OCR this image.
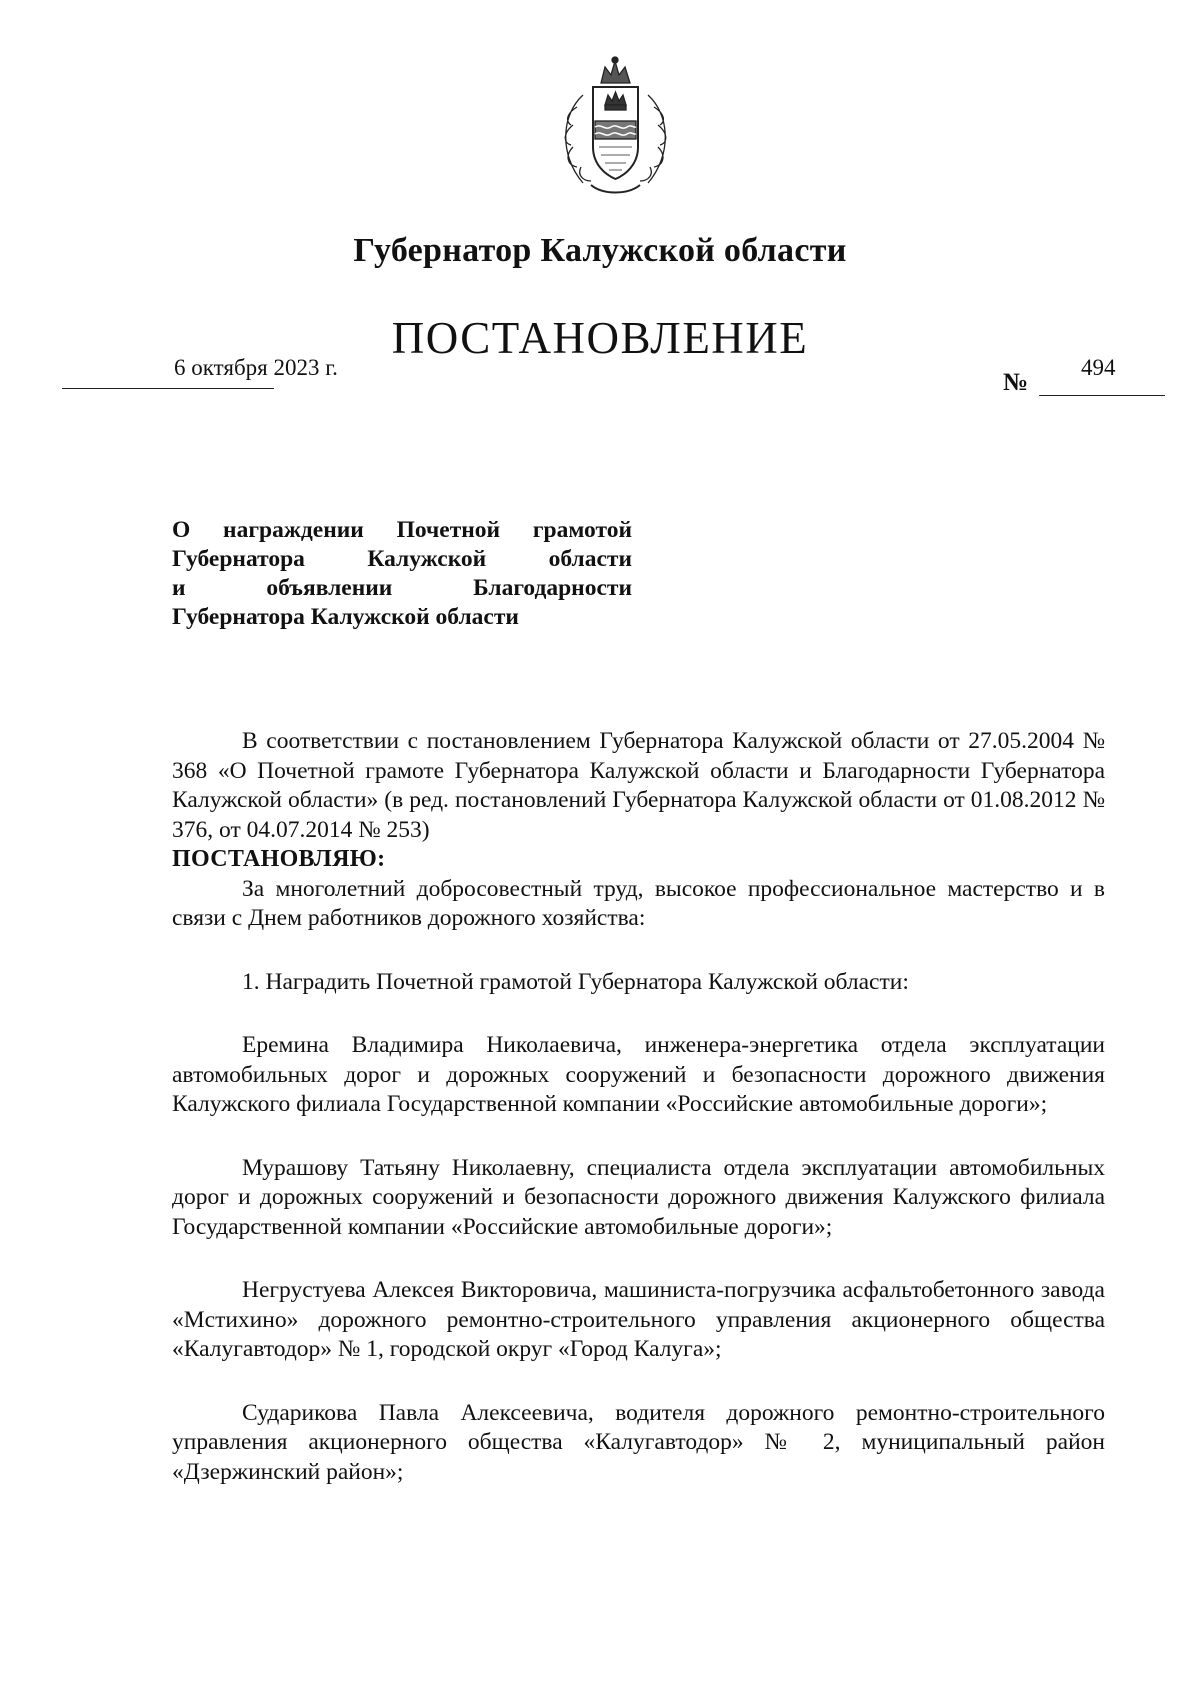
Губернатор Калужской области
ПОСТАНОВЛЕНИЕ
6 октября 2023 г.
№
494
О награждении Почетной грамотой
Губернатора Калужской области
и объявлении Благодарности
Губернатора Калужской области

В соответствии с постановлением Губернатора Калужской области от 27.05.2004 № 368 «О Почетной грамоте Губернатора Калужской области и Благодарности Губернатора Калужской области» (в ред. постановлений Губернатора Калужской области от 01.08.2012 № 376, от 04.07.2014 № 253)

ПОСТАНОВЛЯЮ:

За многолетний добросовестный труд, высокое профессиональное мастерство и в связи с Днем работников дорожного хозяйства:

1. Наградить Почетной грамотой Губернатора Калужской области:

Еремина Владимира Николаевича, инженера-энергетика отдела эксплуатации автомобильных дорог и дорожных сооружений и безопасности дорожного движения Калужского филиала Государственной компании «Российские автомобильные дороги»;

Мурашову Татьяну Николаевну, специалиста отдела эксплуатации автомобильных дорог и дорожных сооружений и безопасности дорожного движения Калужского филиала Государственной компании «Российские автомобильные дороги»;

Негрустуева Алексея Викторовича, машиниста-погрузчика асфальтобетонного завода «Мстихино» дорожного ремонтно-строительного управления акционерного общества «Калугавтодор» № 1, городской округ «Город Калуга»;

Сударикова Павла Алексеевича, водителя дорожного ремонтно-строительного управления акционерного общества «Калугавтодор» № 2, муниципальный район «Дзержинский район»;
